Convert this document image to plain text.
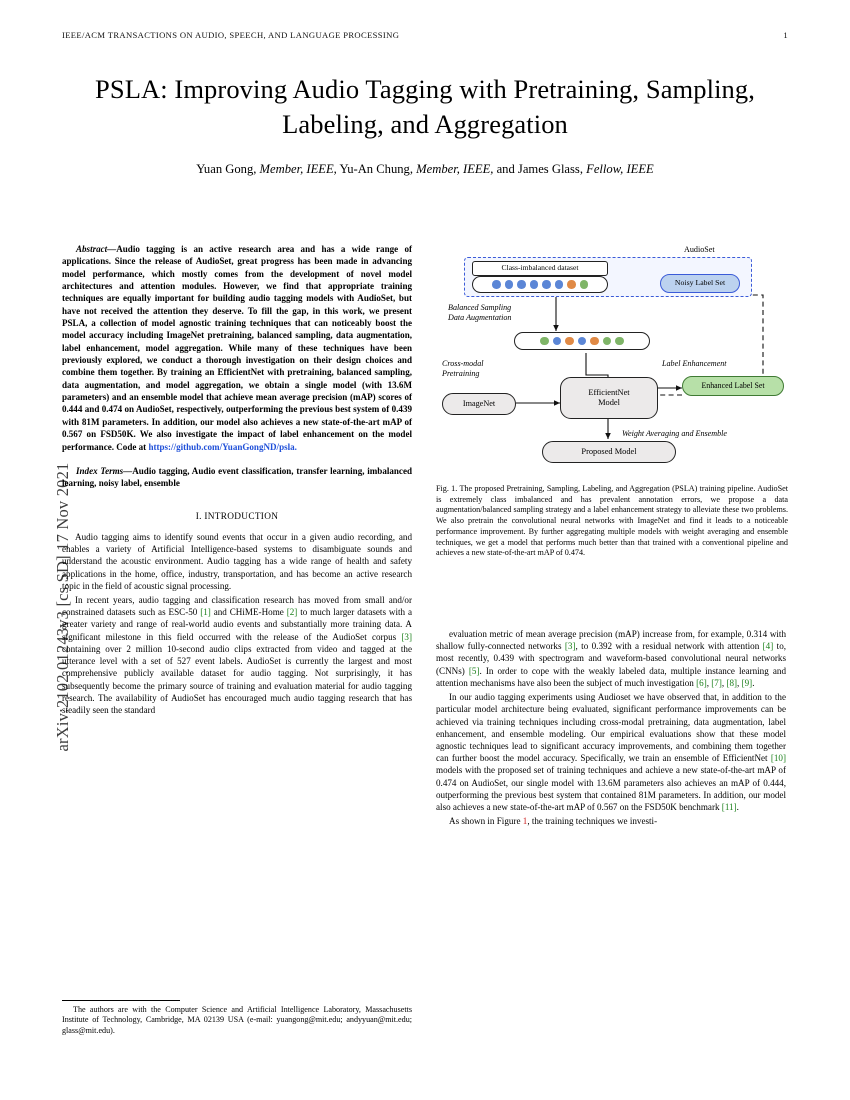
arXiv:2102.01243v3 [cs.SD] 17 Nov 2021
IEEE/ACM TRANSACTIONS ON AUDIO, SPEECH, AND LANGUAGE PROCESSING	1
PSLA: Improving Audio Tagging with Pretraining, Sampling, Labeling, and Aggregation
Yuan Gong, Member, IEEE, Yu-An Chung, Member, IEEE, and James Glass, Fellow, IEEE
Abstract—Audio tagging is an active research area and has a wide range of applications. Since the release of AudioSet, great progress has been made in advancing model performance, which mostly comes from the development of novel model architectures and attention modules. However, we find that appropriate training techniques are equally important for building audio tagging models with AudioSet, but have not received the attention they deserve. To fill the gap, in this work, we present PSLA, a collection of model agnostic training techniques that can noticeably boost the model accuracy including ImageNet pretraining, balanced sampling, data augmentation, label enhancement, model aggregation. While many of these techniques have been previously explored, we conduct a thorough investigation on their design choices and combine them together. By training an EfficientNet with pretraining, balanced sampling, data augmentation, and model aggregation, we obtain a single model (with 13.6M parameters) and an ensemble model that achieve mean average precision (mAP) scores of 0.444 and 0.474 on AudioSet, respectively, outperforming the previous best system of 0.439 with 81M parameters. In addition, our model also achieves a new state-of-the-art mAP of 0.567 on FSD50K. We also investigate the impact of label enhancement on the model performance. Code at https://github.com/YuanGongND/psla.
Index Terms—Audio tagging, Audio event classification, transfer learning, imbalanced learning, noisy label, ensemble
I. INTRODUCTION

Audio tagging aims to identify sound events that occur in a given audio recording, and enables a variety of Artificial Intelligence-based systems to disambiguate sounds and understand the acoustic environment. Audio tagging has a wide range of health and safety applications in the home, office, industry, transportation, and has become an active research topic in the field of acoustic signal processing.

In recent years, audio tagging and classification research has moved from small and/or constrained datasets such as ESC-50 [1] and CHiME-Home [2] to much larger datasets with a greater variety and range of real-world audio events and substantially more training data. A significant milestone in this field occurred with the release of the AudioSet corpus [3] containing over 2 million 10-second audio clips extracted from video and tagged at the utterance level with a set of 527 event labels. AudioSet is currently the largest and most comprehensive publicly available dataset for audio tagging. Not surprisingly, it has subsequently become the primary source of training and evaluation material for audio tagging research. The availability of AudioSet has encouraged much audio tagging research that has steadily seen the standard

The authors are with the Computer Science and Artificial Intelligence Laboratory, Massachusetts Institute of Technology, Cambridge, MA 02139 USA (e-mail: yuangong@mit.edu; andyyuan@mit.edu; glass@mit.edu).

AudioSet
Class-imbalanced dataset
Noisy Label Set
Balanced Sampling
Data Augmentation
Cross-modal
Pretraining
Label Enhancement
ImageNet
EfficientNet
Model
Enhanced Label Set
Weight Averaging and Ensemble
Proposed Model
Fig. 1. The proposed Pretraining, Sampling, Labeling, and Aggregation (PSLA) training pipeline. AudioSet is extremely class imbalanced and has prevalent annotation errors, we propose a data augmentation/balanced sampling strategy and a label enhancement strategy to alleviate these two problems. We also pretrain the convolutional neural networks with ImageNet and find it leads to a noticeable performance improvement. By further aggregating multiple models with weight averaging and ensemble techniques, we get a model that performs much better than that trained with a conventional pipeline and achieves a new state-of-the-art mAP of 0.474.

evaluation metric of mean average precision (mAP) increase from, for example, 0.314 with shallow fully-connected networks [3], to 0.392 with a residual network with attention [4] to, most recently, 0.439 with spectrogram and waveform-based convolutional neural networks (CNNs) [5]. In order to cope with the weakly labeled data, multiple instance learning and attention mechanisms have also been the subject of much investigation [6], [7], [8], [9].

In our audio tagging experiments using Audioset we have observed that, in addition to the particular model architecture being evaluated, significant performance improvements can be achieved via training techniques including cross-modal pretraining, data augmentation, label enhancement, and ensemble modeling. Our empirical evaluations show that these model agnostic techniques lead to significant accuracy improvements, and combining them together can further boost the model accuracy. Specifically, we train an ensemble of EfficientNet [10] models with the proposed set of training techniques and achieve a new state-of-the-art mAP of 0.474 on AudioSet, our single model with 13.6M parameters also achieves an mAP of 0.444, outperforming the previous best system that contained 81M parameters. In addition, our model also achieves a new state-of-the-art mAP of 0.567 on the FSD50K benchmark [11].

As shown in Figure 1, the training techniques we investi-
